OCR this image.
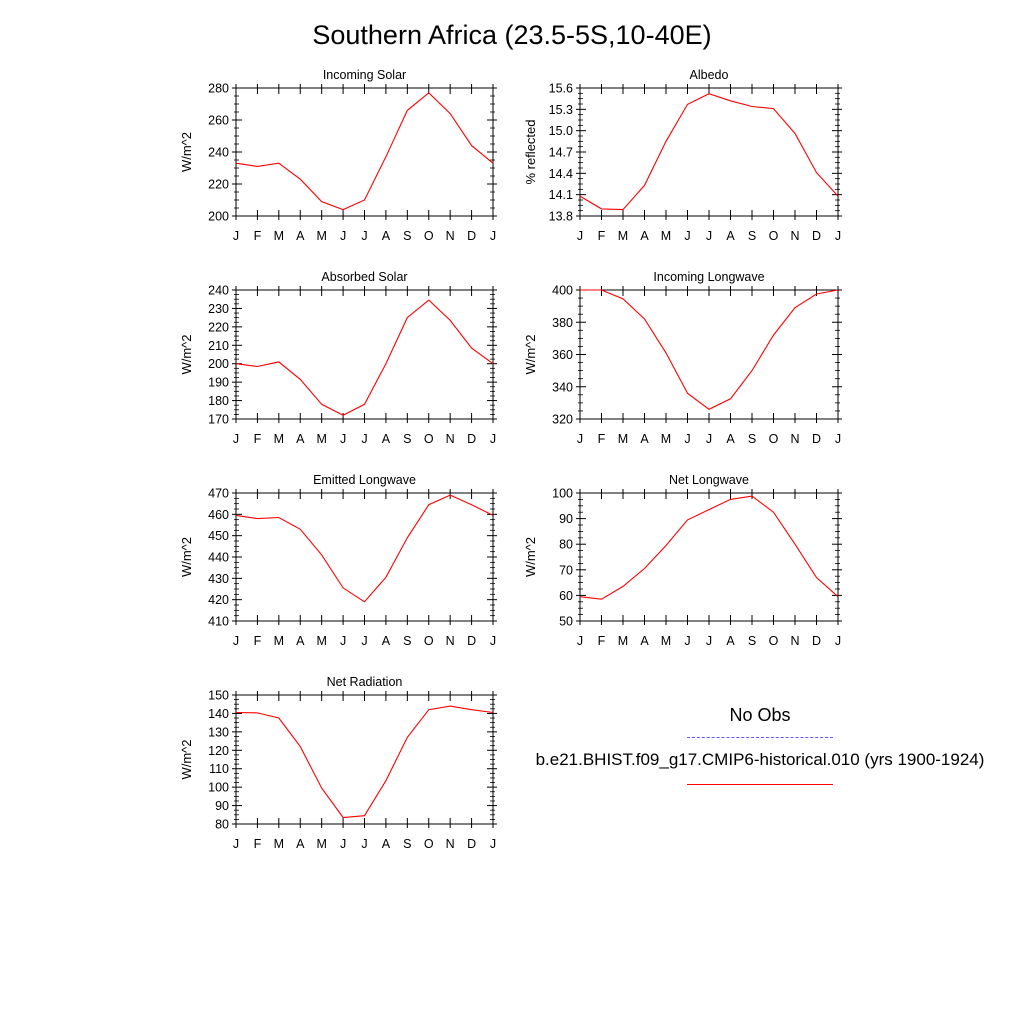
Southern Africa (23.5-5S,10-40E)
Incoming Solar
W/m^2
200
220
240
260
280
J F M A M J J A S O N D J
Albedo
% reflected
13.8
14.1
14.4
14.7
15.0
15.3
15.6
J F M A M J J A S O N D J
Absorbed Solar
W/m^2
170
180
190
200
210
220
230
240
J F M A M J J A S O N D J
Incoming Longwave
W/m^2
320
340
360
380
400
J F M A M J J A S O N D J
Emitted Longwave
W/m^2
410
420
430
440
450
460
470
J F M A M J J A S O N D J
Net Longwave
W/m^2
50
60
70
80
90
100
J F M A M J J A S O N D J
Net Radiation
W/m^2
80
90
100
110
120
130
140
150
J F M A M J J A S O N D J
No Obs
b.e21.BHIST.f09_g17.CMIP6-historical.010 (yrs 1900-1924)
